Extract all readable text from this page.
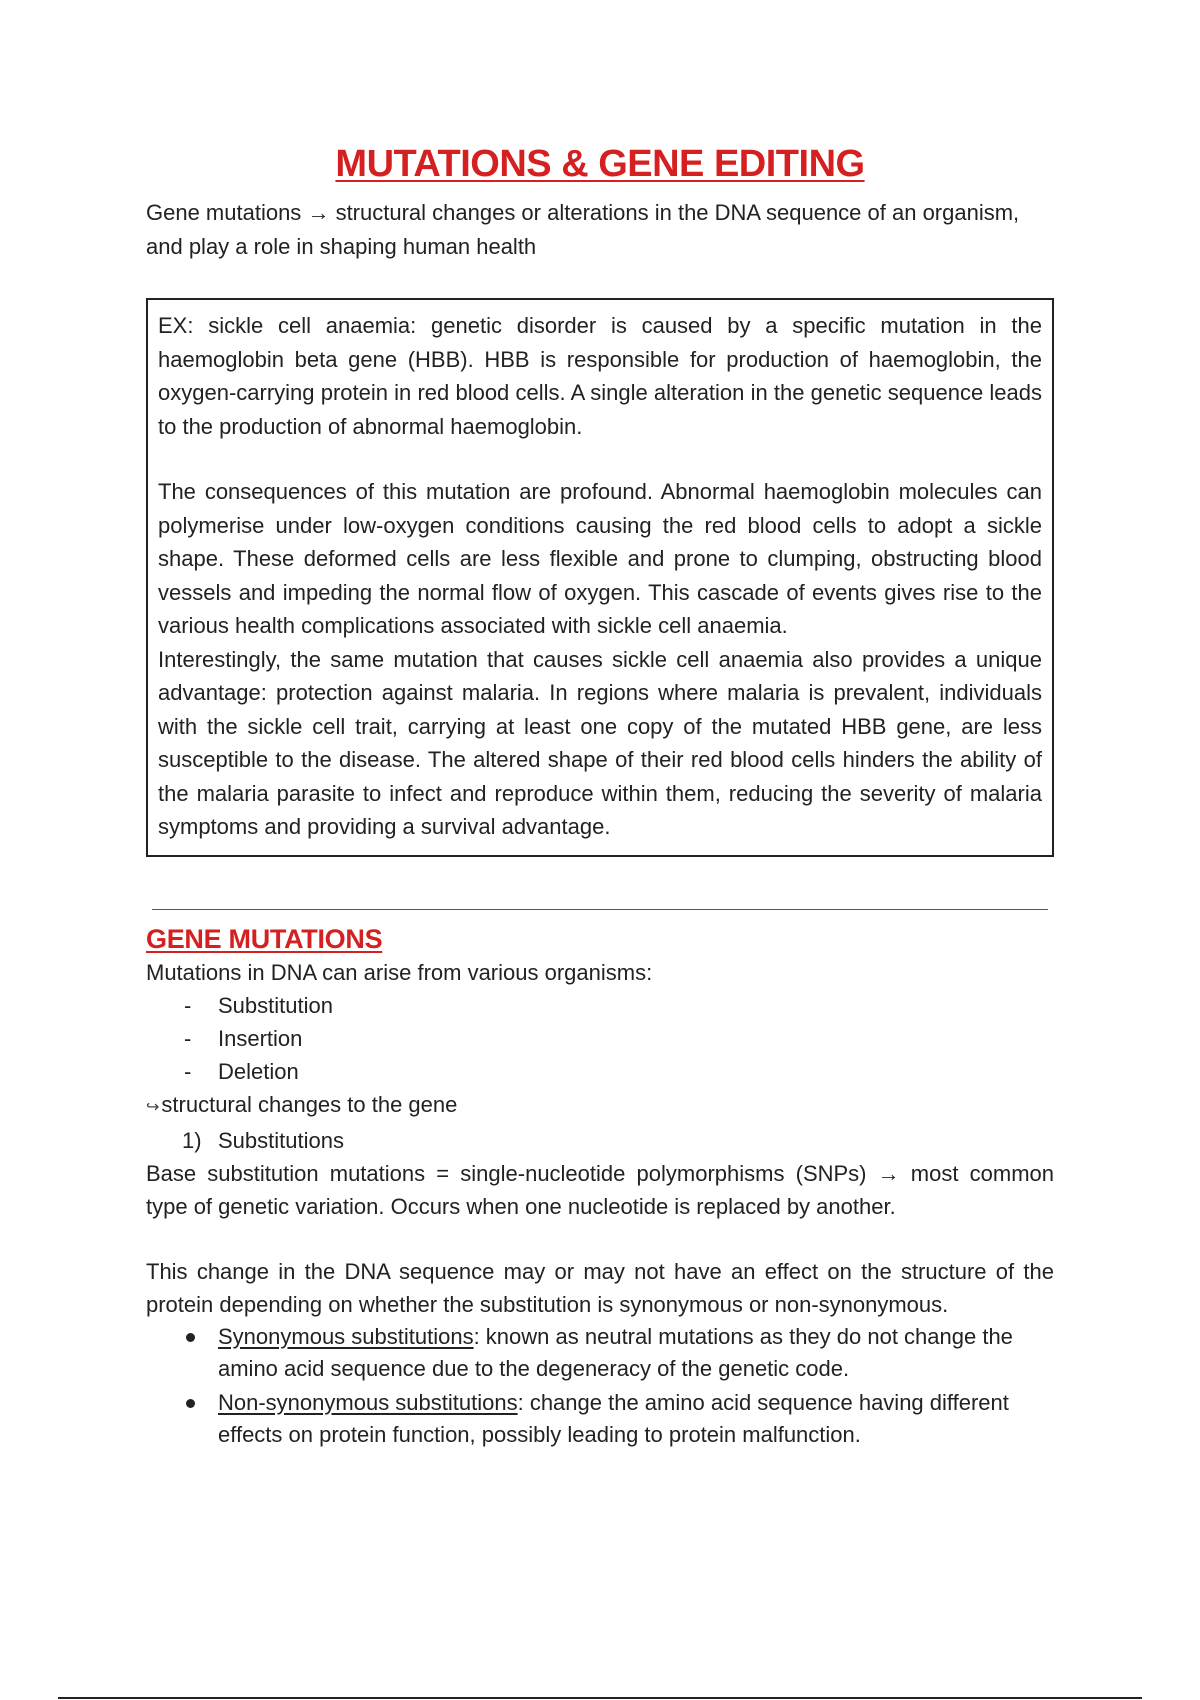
MUTATIONS & GENE EDITING

Gene mutations → structural changes or alterations in the DNA sequence of an organism, and play a role in shaping human health

EX: sickle cell anaemia: genetic disorder is caused by a specific mutation in the haemoglobin beta gene (HBB). HBB is responsible for production of haemoglobin, the oxygen-carrying protein in red blood cells. A single alteration in the genetic sequence leads to the production of abnormal haemoglobin.

The consequences of this mutation are profound. Abnormal haemoglobin molecules can polymerise under low-oxygen conditions causing the red blood cells to adopt a sickle shape. These deformed cells are less flexible and prone to clumping, obstructing blood vessels and impeding the normal flow of oxygen. This cascade of events gives rise to the various health complications associated with sickle cell anaemia.

Interestingly, the same mutation that causes sickle cell anaemia also provides a unique advantage: protection against malaria. In regions where malaria is prevalent, individuals with the sickle cell trait, carrying at least one copy of the mutated HBB gene, are less susceptible to the disease. The altered shape of their red blood cells hinders the ability of the malaria parasite to infect and reproduce within them, reducing the severity of malaria symptoms and providing a survival advantage.

GENE MUTATIONS

Mutations in DNA can arise from various organisms:

- Substitution
- Insertion
- Deletion

↪structural changes to the gene

1) Substitutions

Base substitution mutations = single-nucleotide polymorphisms (SNPs) → most common type of genetic variation. Occurs when one nucleotide is replaced by another.

This change in the DNA sequence may or may not have an effect on the structure of the protein depending on whether the substitution is synonymous or non-synonymous.

Synonymous substitutions: known as neutral mutations as they do not change the amino acid sequence due to the degeneracy of the genetic code.
Non-synonymous substitutions: change the amino acid sequence having different effects on protein function, possibly leading to protein malfunction.
